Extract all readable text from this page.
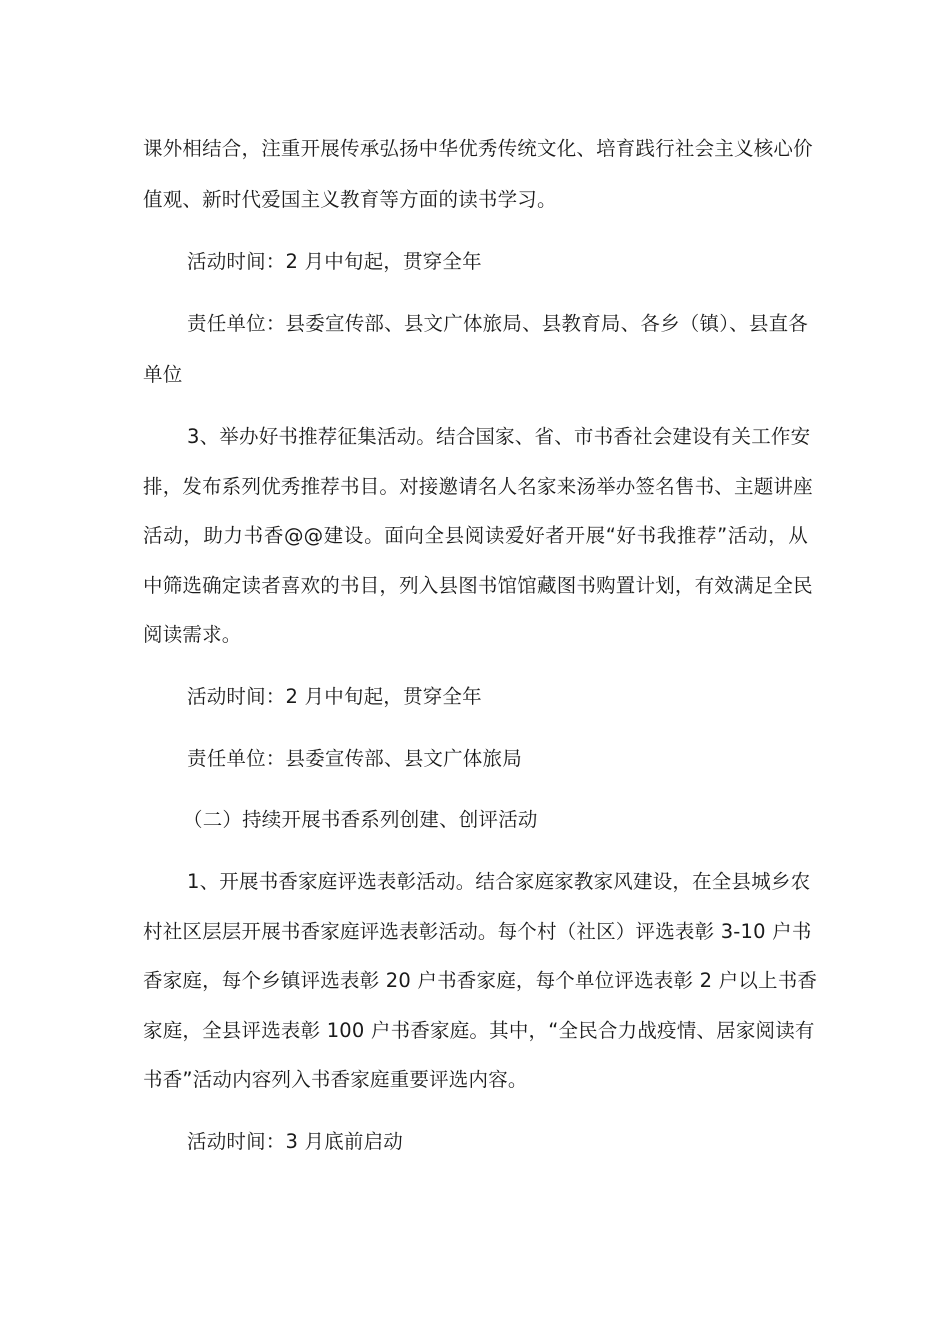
课外相结合，注重开展传承弘扬中华优秀传统文化、培育践行社会主义核心价
值观、新时代爱国主义教育等方面的读书学习。
活动时间：2 月中旬起，贯穿全年
责任单位：县委宣传部、县文广体旅局、县教育局、各乡（镇）、县直各
单位
3、举办好书推荐征集活动。结合国家、省、市书香社会建设有关工作安
排，发布系列优秀推荐书目。对接邀请名人名家来汤举办签名售书、主题讲座
活动，助力书香@@建设。面向全县阅读爱好者开展“好书我推荐”活动，从
中筛选确定读者喜欢的书目，列入县图书馆馆藏图书购置计划，有效满足全民
阅读需求。
活动时间：2 月中旬起，贯穿全年
责任单位：县委宣传部、县文广体旅局
（二）持续开展书香系列创建、创评活动
1、开展书香家庭评选表彰活动。结合家庭家教家风建设，在全县城乡农
村社区层层开展书香家庭评选表彰活动。每个村（社区）评选表彰 3-10 户书
香家庭，每个乡镇评选表彰 20 户书香家庭，每个单位评选表彰 2 户以上书香
家庭，全县评选表彰 100 户书香家庭。其中，“全民合力战疫情、居家阅读有
书香”活动内容列入书香家庭重要评选内容。
活动时间：3 月底前启动
